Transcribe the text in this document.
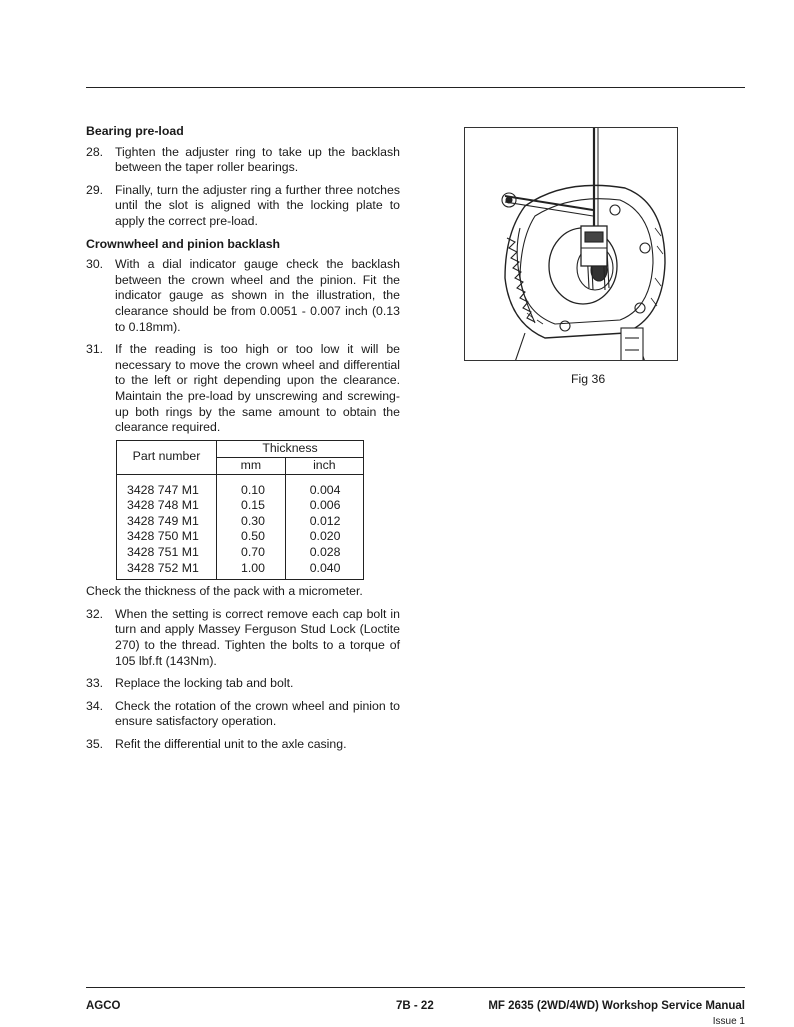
Bearing pre-load
28. Tighten the adjuster ring to take up the backlash between the taper roller bearings.
29. Finally, turn the adjuster ring a further three notches until the slot is aligned with the locking plate to apply the correct pre-load.
Crownwheel and pinion backlash
30. With a dial indicator gauge check the backlash between the crown wheel and the pinion. Fit the indicator gauge as shown in the illustration, the clearance should be from 0.0051 - 0.007 inch (0.13 to 0.18mm).
31. If the reading is too high or too low it will be necessary to move the crown wheel and differential to the left or right depending upon the clearance. Maintain the pre-load by unscrewing and screwing-up both rings by the same amount to obtain the clearance required.
Part number	Thickness	
	mm	inch
3428 747 M1	0.10	0.004
3428 748 M1	0.15	0.006
3428 749 M1	0.30	0.012
3428 750 M1	0.50	0.020
3428 751 M1	0.70	0.028
3428 752 M1	1.00	0.040
Check the thickness of the pack with a micrometer.
32. When the setting is correct remove each cap bolt in turn and apply Massey Ferguson Stud Lock (Loctite 270) to the thread. Tighten the bolts to a torque of 105 lbf.ft (143Nm).
33. Replace the locking tab and bolt.
34. Check the rotation of the crown wheel and pinion to ensure satisfactory operation.
35. Refit the differential unit to the axle casing.
Fig 36
AGCO	7B - 22	MF 2635 (2WD/4WD) Workshop Service Manual
Issue 1
